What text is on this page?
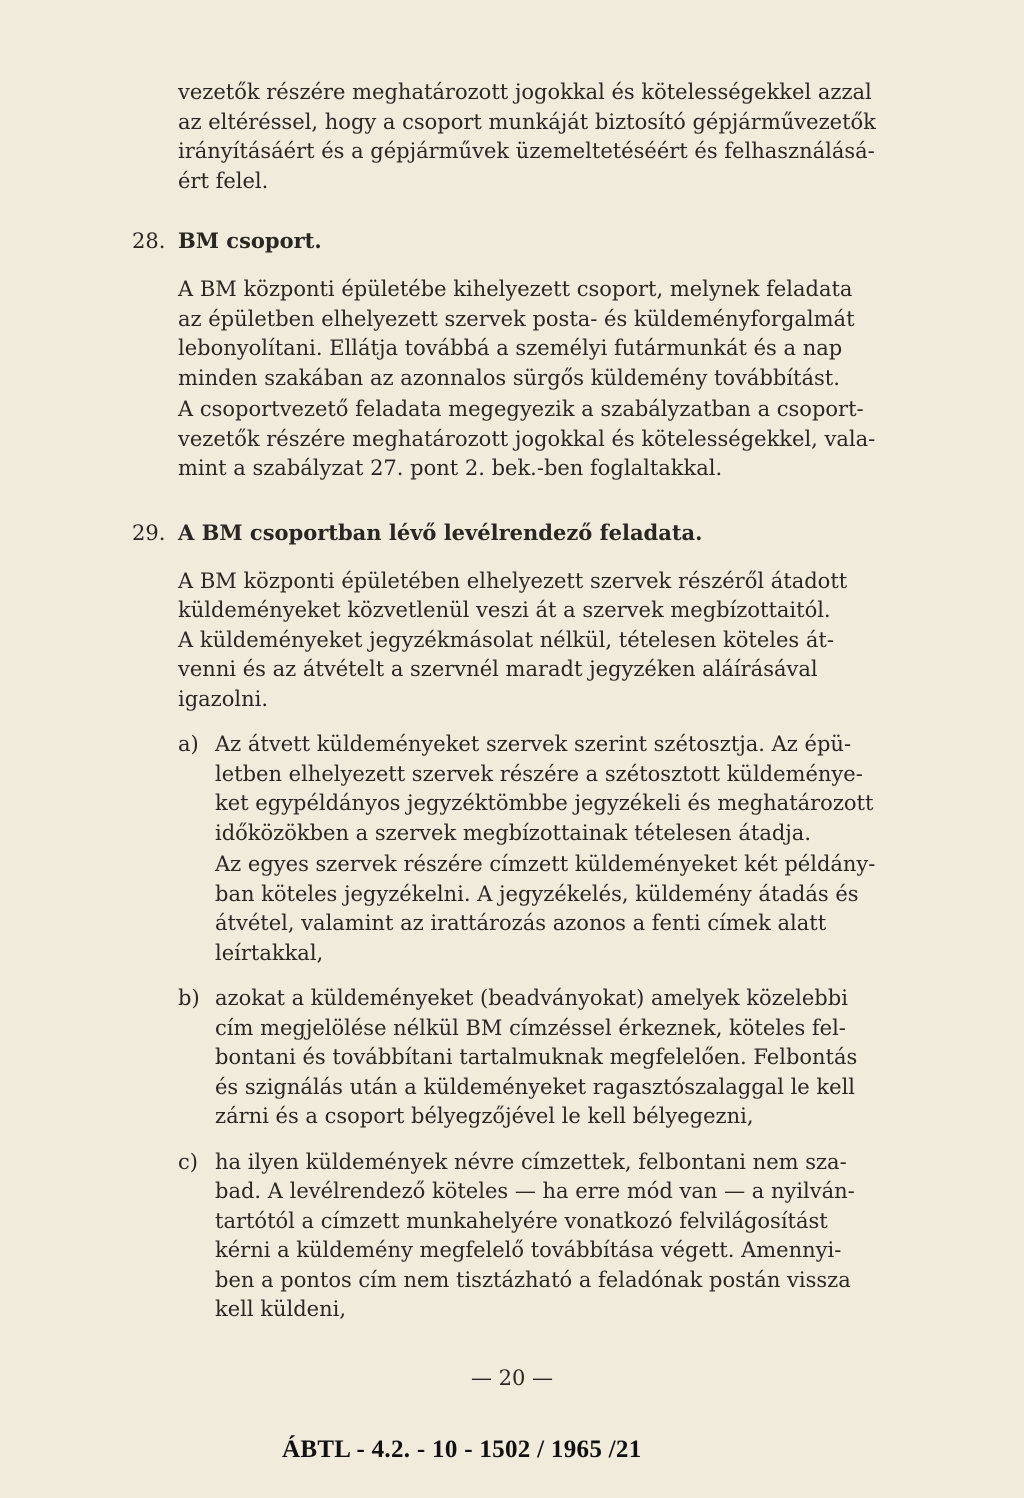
vezetők részére meghatározott jogokkal és kötelességekkel azzal
az eltéréssel, hogy a csoport munkáját biztosító gépjárművezetők
irányításáért és a gépjárművek üzemeltetéséért és felhasználásá-
ért felel.

28. BM csoport.

A BM központi épületébe kihelyezett csoport, melynek feladata
az épületben elhelyezett szervek posta- és küldeményforgalmát
lebonyolítani. Ellátja továbbá a személyi futármunkát és a nap
minden szakában az azonnalos sürgős küldemény továbbítást.
A csoportvezető feladata megegyezik a szabályzatban a csoport-
vezetők részére meghatározott jogokkal és kötelességekkel, vala-
mint a szabályzat 27. pont 2. bek.-ben foglaltakkal.

29. A BM csoportban lévő levélrendező feladata.

A BM központi épületében elhelyezett szervek részéről átadott
küldeményeket közvetlenül veszi át a szervek megbízottaitól.
A küldeményeket jegyzékmásolat nélkül, tételesen köteles át-
venni és az átvételt a szervnél maradt jegyzéken aláírásával
igazolni.
a) Az átvett küldeményeket szervek szerint szétosztja. Az épü-
letben elhelyezett szervek részére a szétosztott küldeménye-
ket egypéldányos jegyzéktömbbe jegyzékeli és meghatározott
időközökben a szervek megbízottainak tételesen átadja.
Az egyes szervek részére címzett küldeményeket két példány-
ban köteles jegyzékelni. A jegyzékelés, küldemény átadás és
átvétel, valamint az irattározás azonos a fenti címek alatt
leírtakkal,
b) azokat a küldeményeket (beadványokat) amelyek közelebbi
cím megjelölése nélkül BM címzéssel érkeznek, köteles fel-
bontani és továbbítani tartalmuknak megfelelően. Felbontás
és szignálás után a küldeményeket ragasztószalaggal le kell
zárni és a csoport bélyegzőjével le kell bélyegezni,
c) ha ilyen küldemények névre címzettek, felbontani nem sza-
bad. A levélrendező köteles — ha erre mód van — a nyilván-
tartótól a címzett munkahelyére vonatkozó felvilágosítást
kérni a küldemény megfelelő továbbítása végett. Amennyi-
ben a pontos cím nem tisztázható a feladónak postán vissza
kell küldeni,
— 20 —
ÁBTL - 4.2. - 10 - 1502 / 1965 /21
